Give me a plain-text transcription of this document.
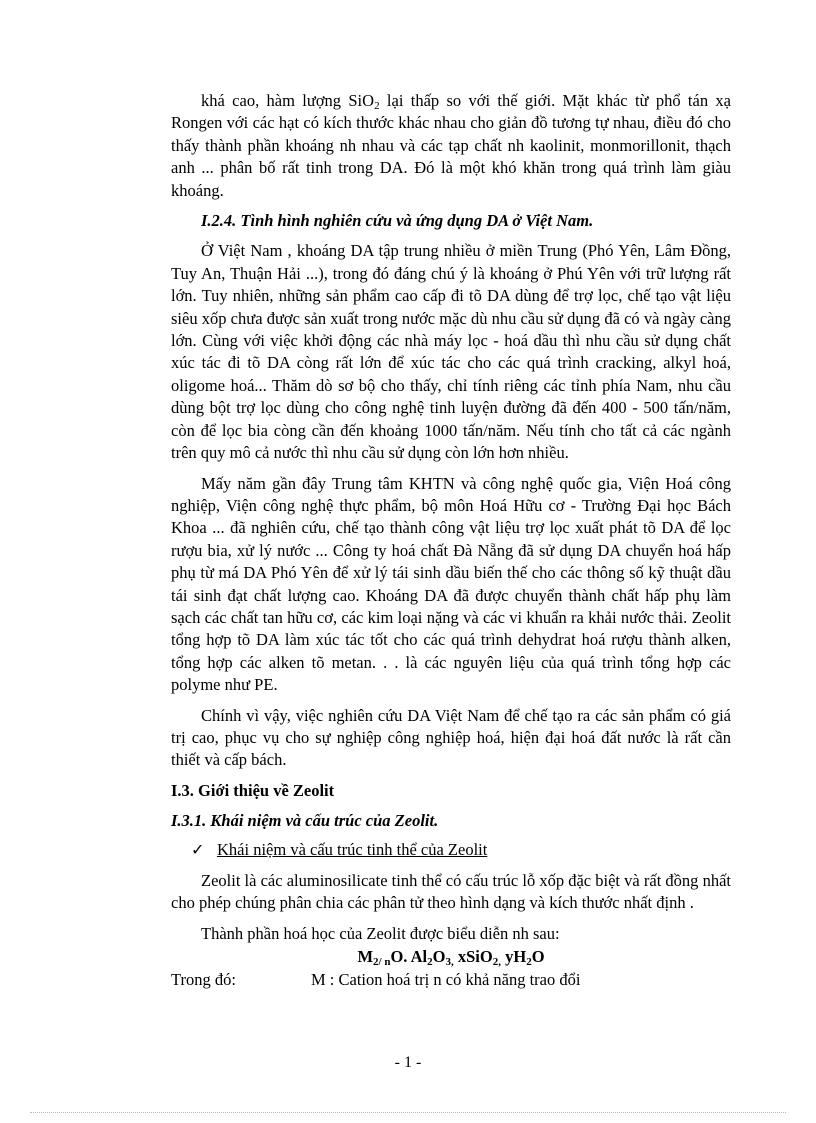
khá cao, hàm lượng SiO$_2$ lại thấp so với thế giới. Mặt khác từ phổ tán xạ Rongen với các hạt có kích thước khác nhau cho giản đồ tương tự nhau, điều đó cho thấy thành phần khoáng nh nhau và các tạp chất nh kaolinit, monmorillonit, thạch anh ... phân bố rất tinh trong DA. Đó là một khó khăn trong quá trình làm giàu khoáng.

I.2.4. Tình hình nghiên cứu và ứng dụng DA ở Việt Nam.

Ở Việt Nam , khoáng DA tập trung nhiều ở miền Trung (Phó Yên, Lâm Đồng, Tuy An, Thuận Hải ...), trong đó đáng chú ý là khoáng ở Phú Yên với trữ lượng rất lớn. Tuy nhiên, những sản phẩm cao cấp đi tõ DA dùng để trợ lọc, chế tạo vật liệu siêu xốp chưa được sản xuất trong nước mặc dù nhu cầu sử dụng đã có và ngày càng lớn. Cùng với việc khởi động các nhà máy lọc - hoá dầu thì nhu cầu sử dụng chất xúc tác đi tõ DA còng rất lớn để xúc tác cho các quá trình cracking, alkyl hoá, oligome hoá... Thăm dò sơ bộ cho thấy, chỉ tính riêng các tỉnh phía Nam, nhu cầu dùng bột trợ lọc dùng cho công nghệ tinh luyện đường đã đến 400 - 500 tấn/năm, còn để lọc bia còng cần đến khoảng 1000 tấn/năm. Nếu tính cho tất cả các ngành trên quy mô cả nước thì nhu cầu sử dụng còn lớn hơn nhiều.

Mấy năm gần đây Trung tâm KHTN và công nghệ quốc gia, Viện Hoá công nghiệp, Viện công nghệ thực phẩm, bộ môn Hoá Hữu cơ - Trường Đại học Bách Khoa ... đã nghiên cứu, chế tạo thành công vật liệu trợ lọc xuất phát tõ DA để lọc rượu bia, xử lý nước ... Công ty hoá chất Đà Nẵng đã sử dụng DA chuyển hoá hấp phụ từ má DA Phó Yên để xử lý tái sinh dầu biến thế cho các thông số kỹ thuật dầu tái sinh đạt chất lượng cao. Khoáng DA đã được chuyển thành chất hấp phụ làm sạch các chất tan hữu cơ, các kim loại nặng và các vi khuẩn ra khải nước thải. Zeolit tổng hợp tõ DA làm xúc tác tốt cho các quá trình dehydrat hoá rượu thành alken, tổng hợp các alken tõ metan. . . là các nguyên liệu của quá trình tổng hợp các polyme như PE.

Chính vì vậy, việc nghiên cứu DA Việt Nam để chế tạo ra các sản phẩm có giá trị cao, phục vụ cho sự nghiệp công nghiệp hoá, hiện đại hoá đất nước là rất cần thiết và cấp bách.

I.3. Giới thiệu về Zeolit

I.3.1. Khái niệm và cấu trúc của Zeolit.

✓ Khái niệm và cấu trúc tinh thể của Zeolit

Zeolit là các aluminosilicate tinh thể có cấu trúc lỗ xốp đặc biệt và rất đồng nhất cho phép chúng phân chia các phân tử theo hình dạng và kích thước nhất định .

Thành phần hoá học của Zeolit được biểu diễn nh sau:

$M_{2/ n}O$. $Al_2O_{3,}$ xSiO$_{2,}$ $yH_2O$

Trong đó:	M : Cation hoá trị n có khả năng trao đổi

- 1 -
